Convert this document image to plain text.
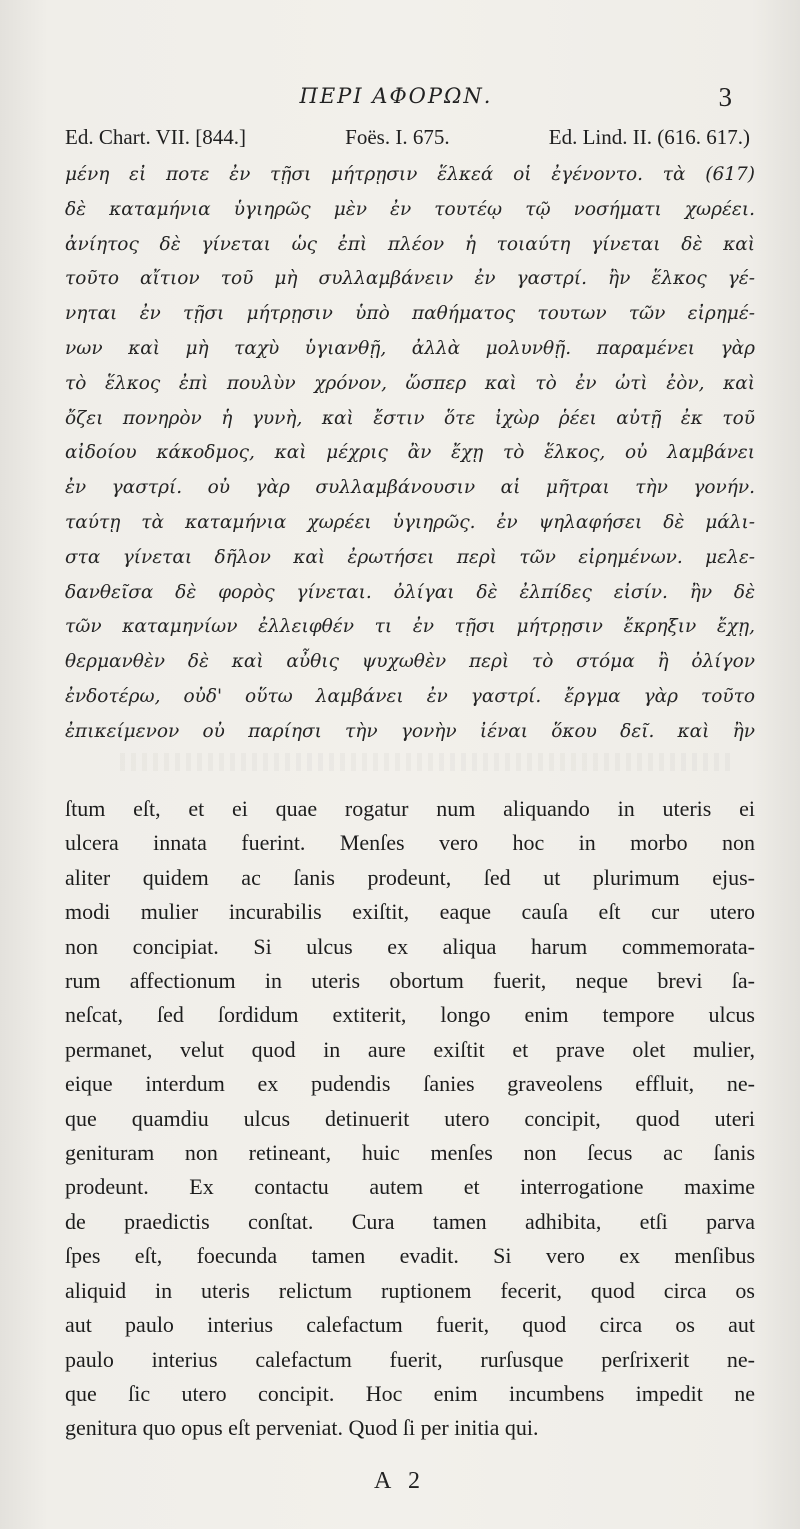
ΠΕΡΙ ΑΦΟΡΩΝ.	3
Ed. Chart. VII. [844.]	Foës. I. 675.	Ed. Lind. II. (616. 617.)
μένη εἰ ποτε ἐν τῇσι μήτρῃσιν ἕλκεά οἱ ἐγένοντο. τὰ (617)
δὲ καταμήνια ὑγιηρῶς μὲν ἐν τουτέῳ τῷ νοσήματι χωρέει.
ἀνίητος δὲ γίνεται ὡς ἐπὶ πλέον ἡ τοιαύτη γίνεται δὲ καὶ
τοῦτο αἴτιον τοῦ μὴ συλλαμβάνειν ἐν γαστρί. ἢν ἕλκος γέ-
νηται ἐν τῇσι μήτρῃσιν ὑπὸ παθήματος τουτων τῶν εἰρημέ-
νων καὶ μὴ ταχὺ ὑγιανθῇ, ἀλλὰ μολυνθῇ. παραμένει γὰρ
τὸ ἕλκος ἐπὶ πουλὺν χρόνον, ὥσπερ καὶ τὸ ἐν ὠτὶ ἐὸν, καὶ
ὄζει πονηρὸν ἡ γυνὴ, καὶ ἔστιν ὅτε ἰχὼρ ῥέει αὐτῇ ἐκ τοῦ
αἰδοίου κάκοδμος, καὶ μέχρις ἂν ἔχῃ τὸ ἕλκος, οὐ λαμβάνει
ἐν γαστρί. οὐ γὰρ συλλαμβάνουσιν αἱ μῆτραι τὴν γονήν.
ταύτῃ τὰ καταμήνια χωρέει ὑγιηρῶς. ἐν ψηλαφήσει δὲ μάλι-
στα γίνεται δῆλον καὶ ἐρωτήσει περὶ τῶν εἰρημένων. μελε-
δανθεῖσα δὲ φορὸς γίνεται. ὀλίγαι δὲ ἐλπίδες εἰσίν. ἢν δὲ
τῶν καταμηνίων ἐλλειφθέν τι ἐν τῇσι μήτρῃσιν ἔκρηξιν ἔχῃ,
θερμανθὲν δὲ καὶ αὖθις ψυχωθὲν περὶ τὸ στόμα ἢ ὀλίγον
ἐνδοτέρω, οὐδ' οὕτω λαμβάνει ἐν γαστρί. ἔργμα γὰρ τοῦτο
ἐπικείμενον οὐ παρίησι τὴν γονὴν ἰέναι ὅκου δεῖ. καὶ ἢν
ſtum eſt, et ei quae rogatur num aliquando in uteris ei
ulcera innata fuerint. Menſes vero hoc in morbo non
aliter quidem ac ſanis prodeunt, ſed ut plurimum ejus-
modi mulier incurabilis exiſtit, eaque cauſa eſt cur utero
non concipiat. Si ulcus ex aliqua harum commemorata-
rum affectionum in uteris obortum fuerit, neque brevi ſa-
neſcat, ſed ſordidum extiterit, longo enim tempore ulcus
permanet, velut quod in aure exiſtit et prave olet mulier,
eique interdum ex pudendis ſanies graveolens effluit, ne-
que quamdiu ulcus detinuerit utero concipit, quod uteri
genituram non retineant, huic menſes non ſecus ac ſanis
prodeunt. Ex contactu autem et interrogatione maxime
de praedictis conſtat. Cura tamen adhibita, etſi parva
ſpes eſt, foecunda tamen evadit. Si vero ex menſibus
aliquid in uteris relictum ruptionem fecerit, quod circa os
aut paulo interius calefactum fuerit, quod circa os aut
paulo interius calefactum fuerit, rurſusque perſrixerit ne-
que ſic utero concipit. Hoc enim incumbens impedit ne
genitura quo opus eſt perveniat. Quod ſi per initia qui.
A 2
